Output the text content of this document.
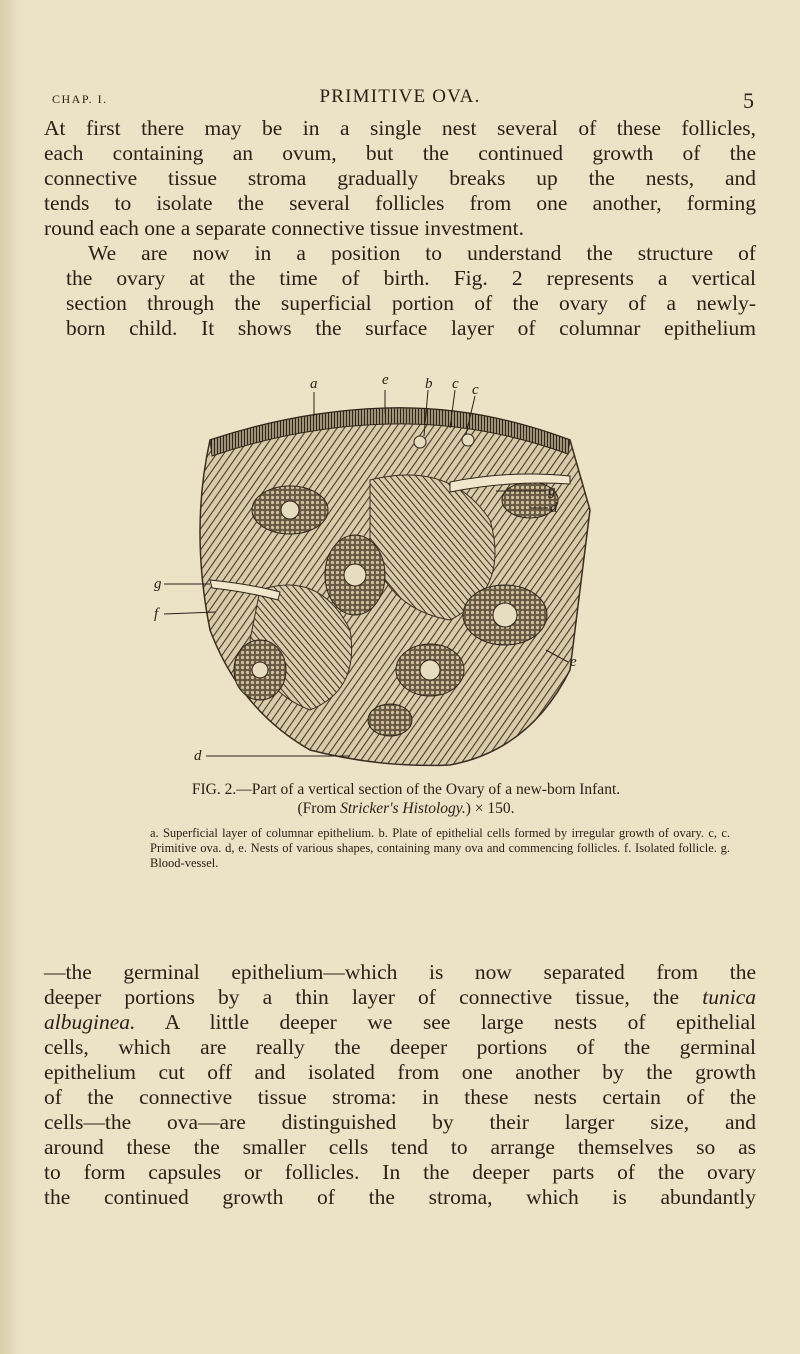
CHAP. I.	PRIMITIVE OVA.	5

At first there may be in a single nest several of these follicles,
each containing an ovum, but the continued growth of the
connective tissue stroma gradually breaks up the nests, and
tends to isolate the several follicles from one another, forming
round each one a separate connective tissue investment.

We are now in a position to understand the structure of
the ovary at the time of birth. Fig. 2 represents a vertical
section through the superficial portion of the ovary of a newly-
born child. It shows the surface layer of columnar epithelium

a	e b c c
g
d
g
f
e
d
FIG. 2.—Part of a vertical section of the Ovary of a new-born Infant.
(From Stricker's Histology.) × 150.
a. Superficial layer of columnar epithelium. b. Plate of epithelial cells formed by irregular growth of ovary. c, c. Primitive ova. d, e. Nests of various shapes, containing many ova and commencing follicles. f. Isolated follicle. g. Blood-vessel.

—the germinal epithelium—which is now separated from the
deeper portions by a thin layer of connective tissue, the tunica
albuginea. A little deeper we see large nests of epithelial
cells, which are really the deeper portions of the germinal
epithelium cut off and isolated from one another by the growth
of the connective tissue stroma: in these nests certain of the
cells—the ova—are distinguished by their larger size, and
around these the smaller cells tend to arrange themselves so as
to form capsules or follicles. In the deeper parts of the ovary
the continued growth of the stroma, which is abundantly
